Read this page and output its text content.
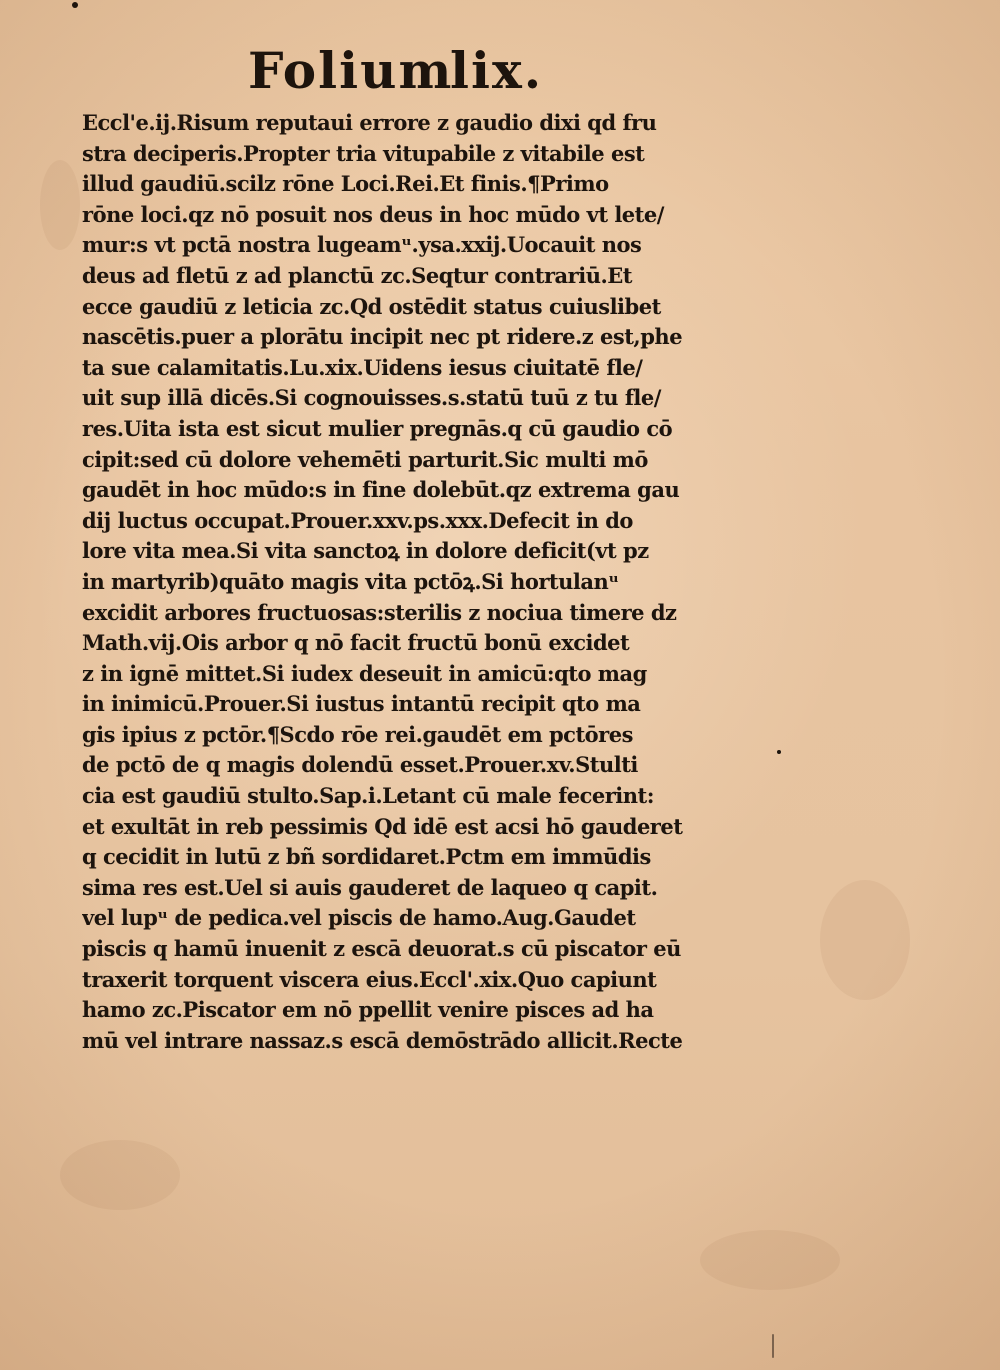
Folium
lix.
Eccl'e.ij.Risum reputaui errore z gaudio dixi qd fru
stra deciperis.Propter tria vitupabile z vitabile est
illud gaudiū.scilz rōne Loci.Rei.Et finis.¶Primo
rōne loci.qz nō posuit nos deus in hoc mūdo vt lete/
mur:s vt pctā nostra lugeamᵘ.ysa.xxij.Uocauit nos
deus ad fletū z ad planctū zc.Seqtur contrariū.Et
ecce gaudiū z leticia zc.Qd ostēdit status cuiuslibet
nascētis.puer a plorātu incipit nec pt ridere.z est,phe
ta sue calamitatis.Lu.xix.Uidens iesus ciuitatē fle/
uit sup illā dicēs.Si cognouisses.s.statū tuū z tu fle/
res.Uita ista est sicut mulier pregnās.q cū gaudio cō
cipit:sed cū dolore vehemēti parturit.Sic multi mō
gaudēt in hoc mūdo:s in fine dolebūt.qz extrema gau
dij luctus occupat.Prouer.xxv.ps.xxx.Defecit in do
lore vita mea.Si vita sanctoꝝ in dolore deficit(vt pz
in martyrib)quāto magis vita pctōꝝ.Si hortulanᵘ
excidit arbores fructuosas:sterilis z nociua timere dz
Math.vij.Ois arbor q nō facit fructū bonū excidet
z in ignē mittet.Si iudex deseuit in amicū:qto mag
in inimicū.Prouer.Si iustus intantū recipit qto ma
gis ipius z pctōr.¶Scdo rōe rei.gaudēt em pctōres
de pctō de q magis dolendū esset.Prouer.xv.Stulti
cia est gaudiū stulto.Sap.i.Letant cū male fecerint:
et exultāt in reb pessimis Qd idē est acsi hō gauderet
q cecidit in lutū z bñ sordidaret.Pctm em immūdis
sima res est.Uel si auis gauderet de laqueo q capit.
vel lupᵘ de pedica.vel piscis de hamo.Aug.Gaudet
piscis q hamū inuenit z escā deuorat.s cū piscator eū
traxerit torquent viscera eius.Eccl'.xix.Quo capiunt
hamo zc.Piscator em nō ppellit venire pisces ad ha
mū vel intrare nassaz.s escā demōstrādo allicit.Recte
